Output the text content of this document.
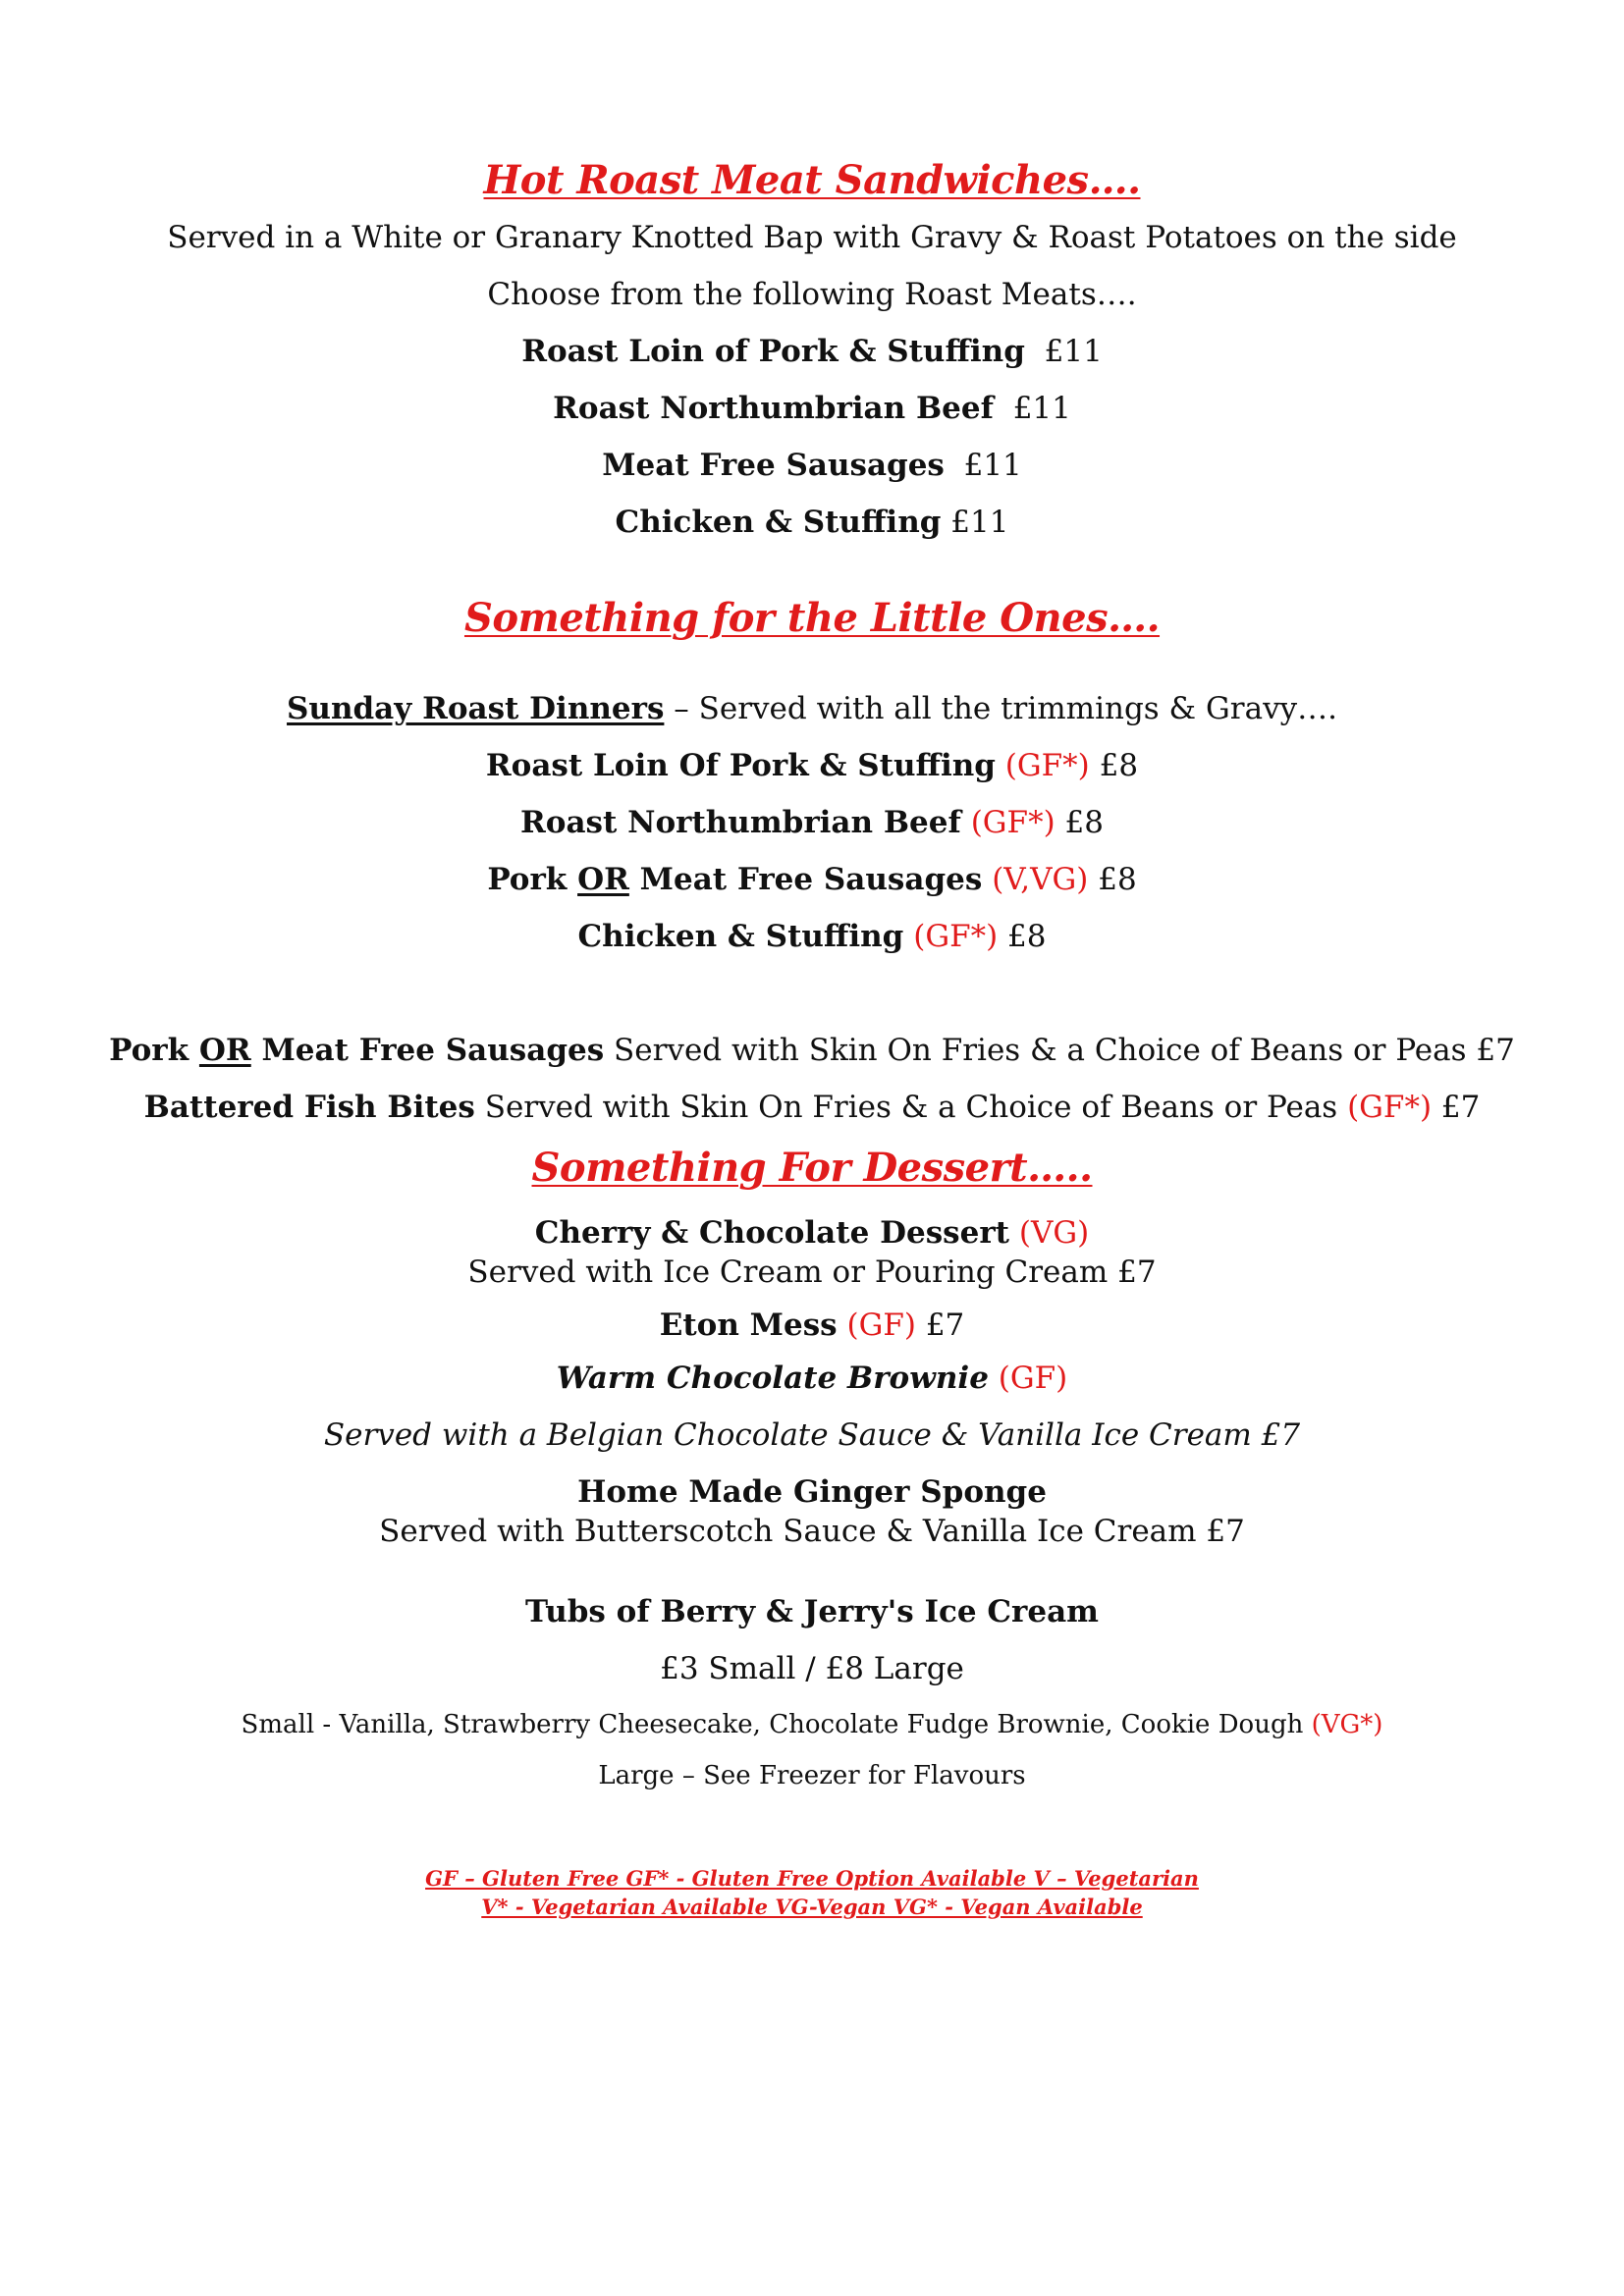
Hot Roast Meat Sandwiches….
Served in a White or Granary Knotted Bap with Gravy & Roast Potatoes on the side
Choose from the following Roast Meats….
Roast Loin of Pork & Stuffing £11
Roast Northumbrian Beef £11
Meat Free Sausages £11
Chicken & Stuffing £11
Something for the Little Ones….
Sunday Roast Dinners – Served with all the trimmings & Gravy….
Roast Loin Of Pork & Stuffing (GF*) £8
Roast Northumbrian Beef (GF*) £8
Pork OR Meat Free Sausages (V,VG) £8
Chicken & Stuffing (GF*) £8
Pork OR Meat Free Sausages Served with Skin On Fries & a Choice of Beans or Peas £7
Battered Fish Bites Served with Skin On Fries & a Choice of Beans or Peas (GF*) £7
Something For Dessert…..
Cherry & Chocolate Dessert (VG)
Served with Ice Cream or Pouring Cream £7
Eton Mess (GF) £7
Warm Chocolate Brownie (GF)
Served with a Belgian Chocolate Sauce & Vanilla Ice Cream £7
Home Made Ginger Sponge
Served with Butterscotch Sauce & Vanilla Ice Cream £7
Tubs of Berry & Jerry's Ice Cream
£3 Small / £8 Large
Small - Vanilla, Strawberry Cheesecake, Chocolate Fudge Brownie, Cookie Dough (VG*)
Large – See Freezer for Flavours
GF – Gluten Free GF* - Gluten Free Option Available V – Vegetarian
V* - Vegetarian Available VG-Vegan VG* - Vegan Available
